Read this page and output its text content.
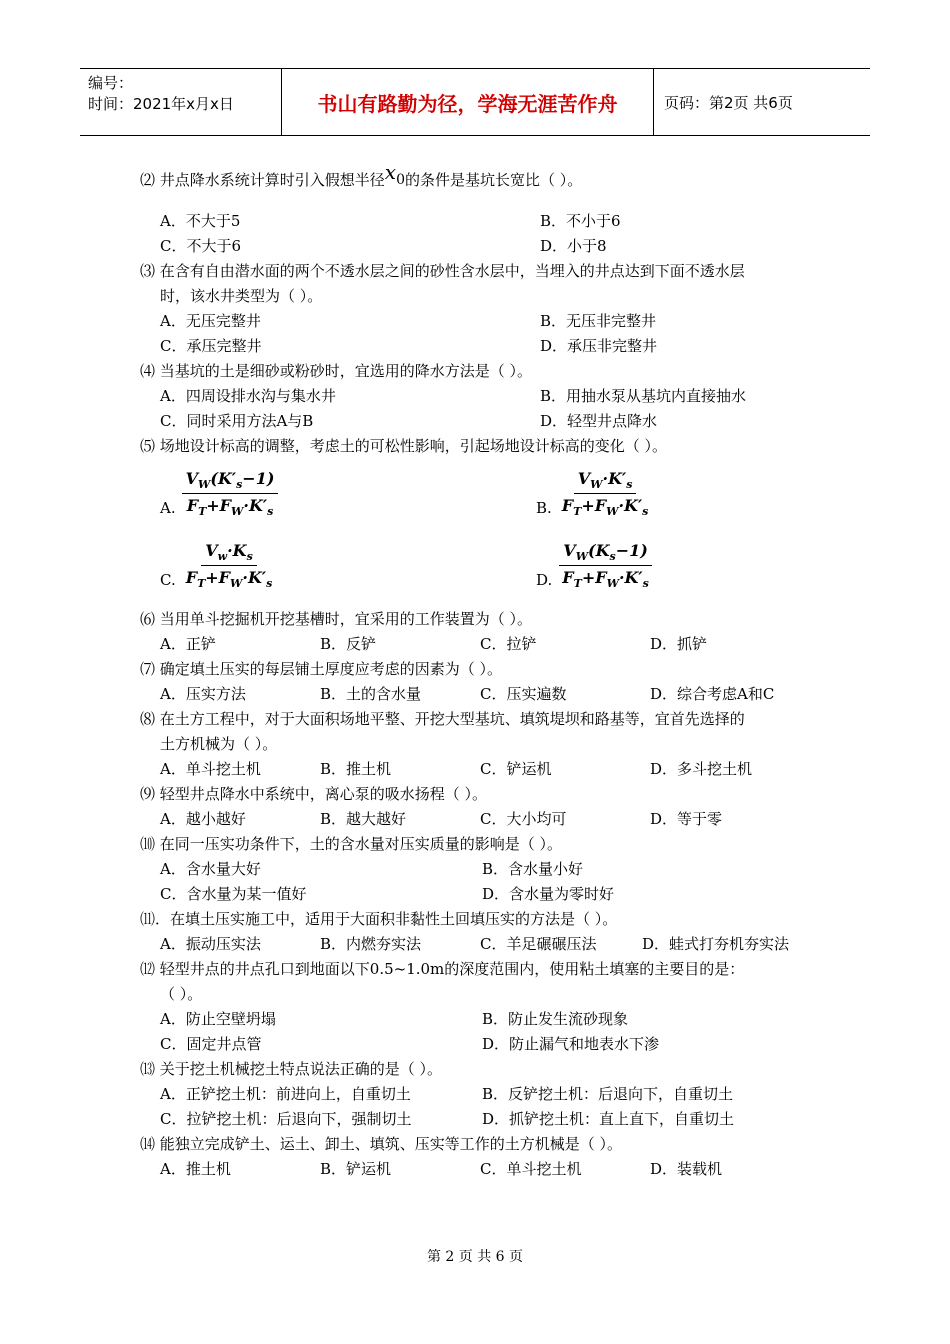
编号：
时间：2021年x月x日	书山有路勤为径，学海无涯苦作舟	页码：第2页 共6页

⑵ 井点降水系统计算时引入假想半径$x_0$的条件是基坑长宽比（ ）。

A．不大于5	B．不小于6
C．不大于6	D．小于8

⑶ 在含有自由潜水面的两个不透水层之间的砂性含水层中，当埋入的井点达到下面不透水层

时，该水井类型为（ ）。

A．无压完整井	B．无压非完整井
C．承压完整井	D．承压非完整井

⑷ 当基坑的土是细砂或粉砂时，宜选用的降水方法是（ ）。

A．四周设排水沟与集水井	B．用抽水泵从基坑内直接抽水
C．同时采用方法A与B	D．轻型井点降水

⑸ 场地设计标高的调整，考虑土的可松性影响，引起场地设计标高的变化（ ）。

A. $\frac{V_W(K'_s-1)}{F_T+F_W\cdot K'_s}$	B. $\frac{V_W\cdot K'_s}{F_T+F_W\cdot K'_s}$
C. $\frac{V_w\cdot K_s}{F_T+F_W\cdot K'_s}$	D. $\frac{V_W(K_s-1)}{F_T+F_W\cdot K'_s}$

⑹ 当用单斗挖掘机开挖基槽时，宜采用的工作装置为（ ）。

A．正铲	B．反铲	C．拉铲	D．抓铲

⑺ 确定填土压实的每层铺土厚度应考虑的因素为（ ）。

A．压实方法	B．土的含水量	C．压实遍数	D．综合考虑A和C

⑻ 在土方工程中，对于大面积场地平整、开挖大型基坑、填筑堤坝和路基等，宜首先选择的

土方机械为（ ）。

A．单斗挖土机	B．推土机	C．铲运机	D．多斗挖土机

⑼ 轻型井点降水中系统中，离心泵的吸水扬程（ ）。

A．越小越好	B．越大越好	C．大小均可	D．等于零

⑽ 在同一压实功条件下，土的含水量对压实质量的影响是（ ）。

A．含水量大好	B．含水量小好
C．含水量为某一值好	D．含水量为零时好

⑾．在填土压实施工中，适用于大面积非黏性土回填压实的方法是（ ）。

A．振动压实法	B．内燃夯实法	C．羊足碾碾压法	D．蛙式打夯机夯实法

⑿ 轻型井点的井点孔口到地面以下0.5~1.0m的深度范围内，使用粘土填塞的主要目的是：

（ ）。

A．防止空壁坍塌	B．防止发生流砂现象
C．固定井点管	D．防止漏气和地表水下渗

⒀ 关于挖土机械挖土特点说法正确的是（ ）。

A．正铲挖土机：前进向上，自重切土	B．反铲挖土机：后退向下，自重切土
C．拉铲挖土机：后退向下，强制切土	D．抓铲挖土机：直上直下，自重切土

⒁ 能独立完成铲土、运土、卸土、填筑、压实等工作的土方机械是（ ）。

A．推土机	B．铲运机	C．单斗挖土机	D．装载机
第 2 页 共 6 页
